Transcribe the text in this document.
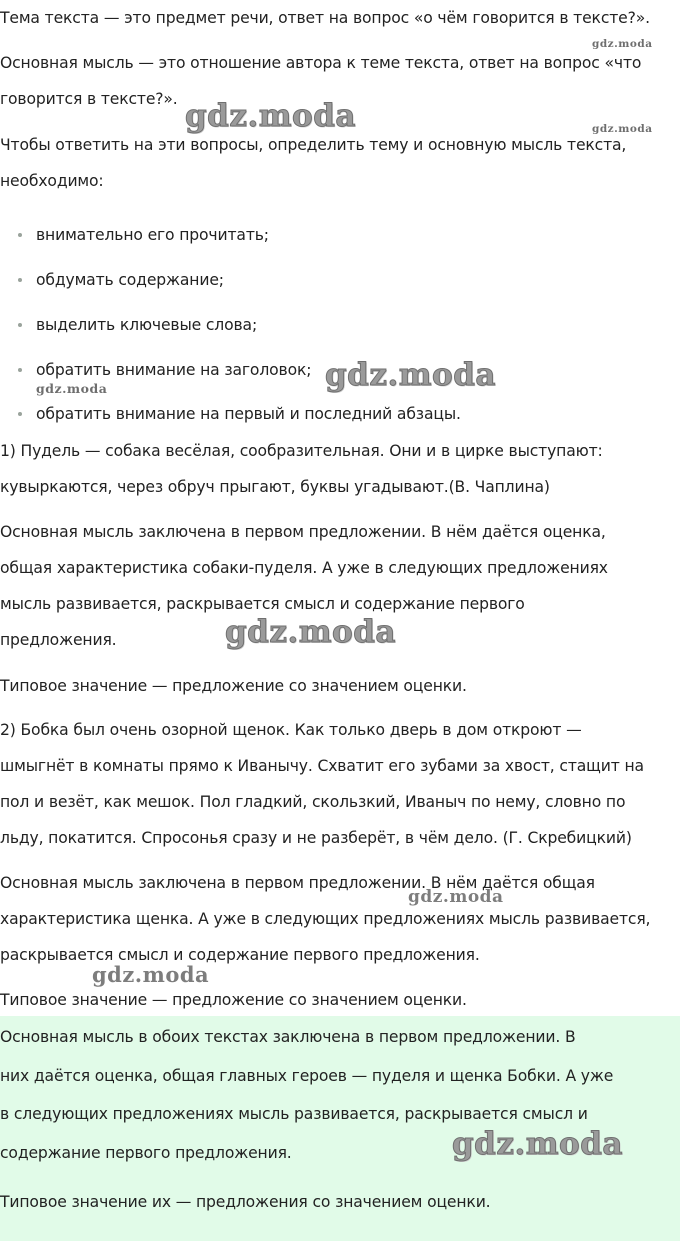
Тема текста — это предмет речи, ответ на вопрос «о чём говорится в тексте?».

Основная мысль — это отношение автора к теме текста, ответ на вопрос «что

говорится в тексте?».

Чтобы ответить на эти вопросы, определить тему и основную мысль текста,

необходимо:

внимательно его прочитать;
обдумать содержание;
выделить ключевые слова;
обратить внимание на заголовок;
обратить внимание на первый и последний абзацы.

1) Пудель — собака весёлая, сообразительная. Они и в цирке выступают:

кувыркаются, через обруч прыгают, буквы угадывают.(В. Чаплина)

Основная мысль заключена в первом предложении. В нём даётся оценка,

общая характеристика собаки-пуделя. А уже в следующих предложениях

мысль развивается, раскрывается смысл и содержание первого

предложения.

Типовое значение — предложение со значением оценки.

2) Бобка был очень озорной щенок. Как только дверь в дом откроют —

шмыгнёт в комнаты прямо к Иванычу. Схватит его зубами за хвост, стащит на

пол и везёт, как мешок. Пол гладкий, скользкий, Иваныч по нему, словно по

льду, покатится. Спросонья сразу и не разберёт, в чём дело. (Г. Скребицкий)

Основная мысль заключена в первом предложении. В нём даётся общая

характеристика щенка. А уже в следующих предложениях мысль развивается,

раскрывается смысл и содержание первого предложения.

Типовое значение — предложение со значением оценки.

Основная мысль в обоих текстах заключена в первом предложении. В

них даётся оценка, общая главных героев — пуделя и щенка Бобки. А уже

в следующих предложениях мысль развивается, раскрывается смысл и

содержание первого предложения.

Типовое значение их — предложения со значением оценки.

gdz.moda
gdz.moda	gdz.moda
gdz.moda
gdz.moda
gdz.moda
gdz.moda
gdz.moda
gdz.moda
